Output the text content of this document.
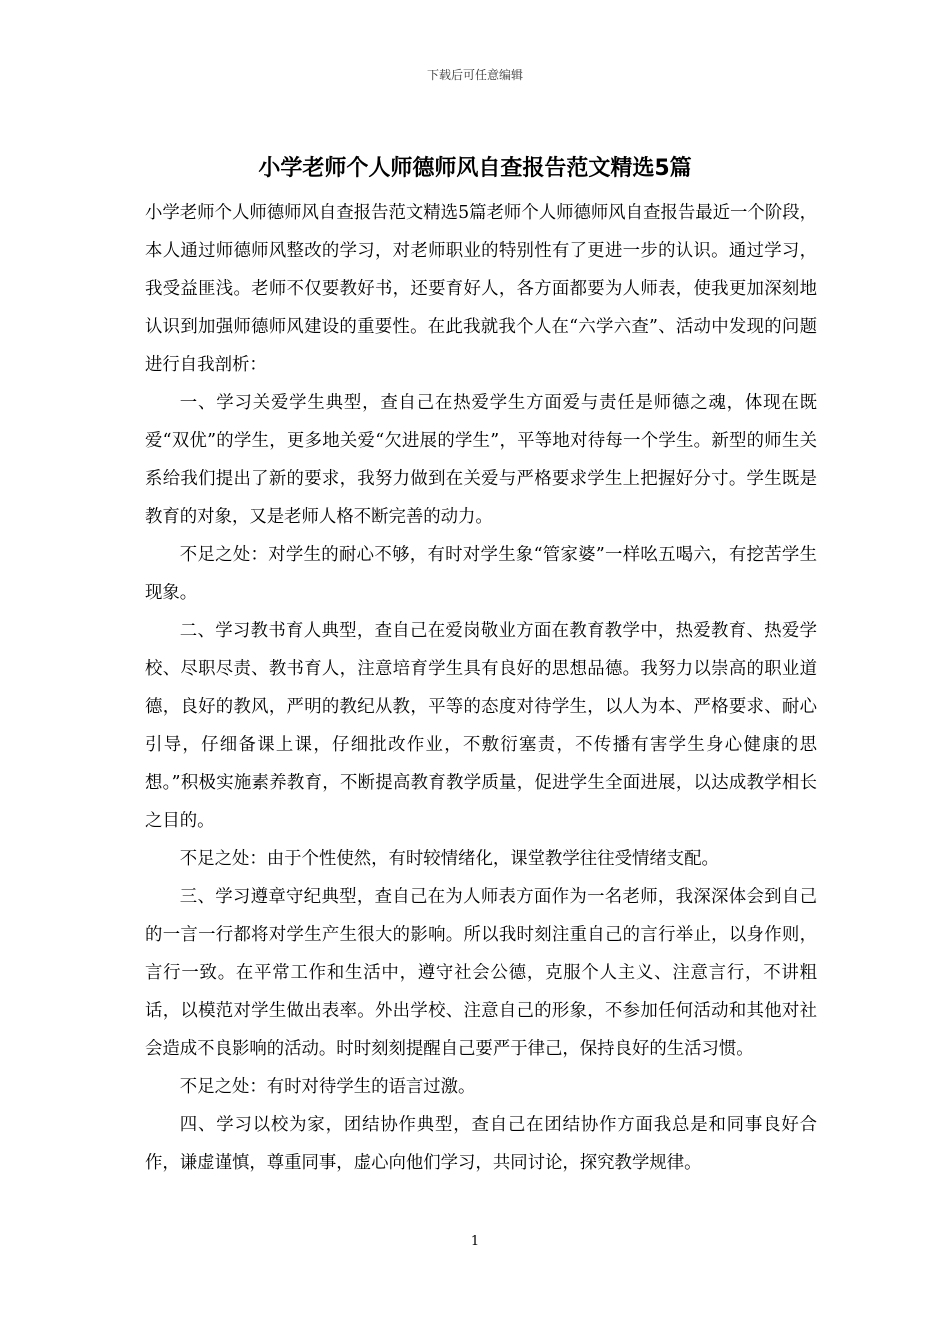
下载后可任意编辑
小学老师个人师德师风自查报告范文精选5篇

小学老师个人师德师风自查报告范文精选5篇老师个人师德师风自查报告最近一个阶段，本人通过师德师风整改的学习，对老师职业的特别性有了更进一步的认识。通过学习，我受益匪浅。老师不仅要教好书，还要育好人，各方面都要为人师表，使我更加深刻地认识到加强师德师风建设的重要性。在此我就我个人在“六学六查”、活动中发现的问题进行自我剖析：

一、学习关爱学生典型，查自己在热爱学生方面爱与责任是师德之魂，体现在既爱“双优”的学生，更多地关爱“欠进展的学生”，平等地对待每一个学生。新型的师生关系给我们提出了新的要求，我努力做到在关爱与严格要求学生上把握好分寸。学生既是教育的对象，又是老师人格不断完善的动力。

不足之处：对学生的耐心不够，有时对学生象“管家婆”一样吆五喝六，有挖苦学生现象。

二、学习教书育人典型，查自己在爱岗敬业方面在教育教学中，热爱教育、热爱学校、尽职尽责、教书育人，注意培育学生具有良好的思想品德。我努力以崇高的职业道德，良好的教风，严明的教纪从教，平等的态度对待学生，以人为本、严格要求、耐心引导，仔细备课上课，仔细批改作业，不敷衍塞责，不传播有害学生身心健康的思想。”积极实施素养教育，不断提高教育教学质量，促进学生全面进展，以达成教学相长之目的。

不足之处：由于个性使然，有时较情绪化，课堂教学往往受情绪支配。

三、学习遵章守纪典型，查自己在为人师表方面作为一名老师，我深深体会到自己的一言一行都将对学生产生很大的影响。所以我时刻注重自己的言行举止，以身作则，言行一致。在平常工作和生活中，遵守社会公德，克服个人主义、注意言行，不讲粗话，以模范对学生做出表率。外出学校、注意自己的形象，不参加任何活动和其他对社会造成不良影响的活动。时时刻刻提醒自己要严于律己，保持良好的生活习惯。

不足之处：有时对待学生的语言过激。

四、学习以校为家，团结协作典型，查自己在团结协作方面我总是和同事良好合作，谦虚谨慎，尊重同事，虚心向他们学习，共同讨论，探究教学规律。

1
